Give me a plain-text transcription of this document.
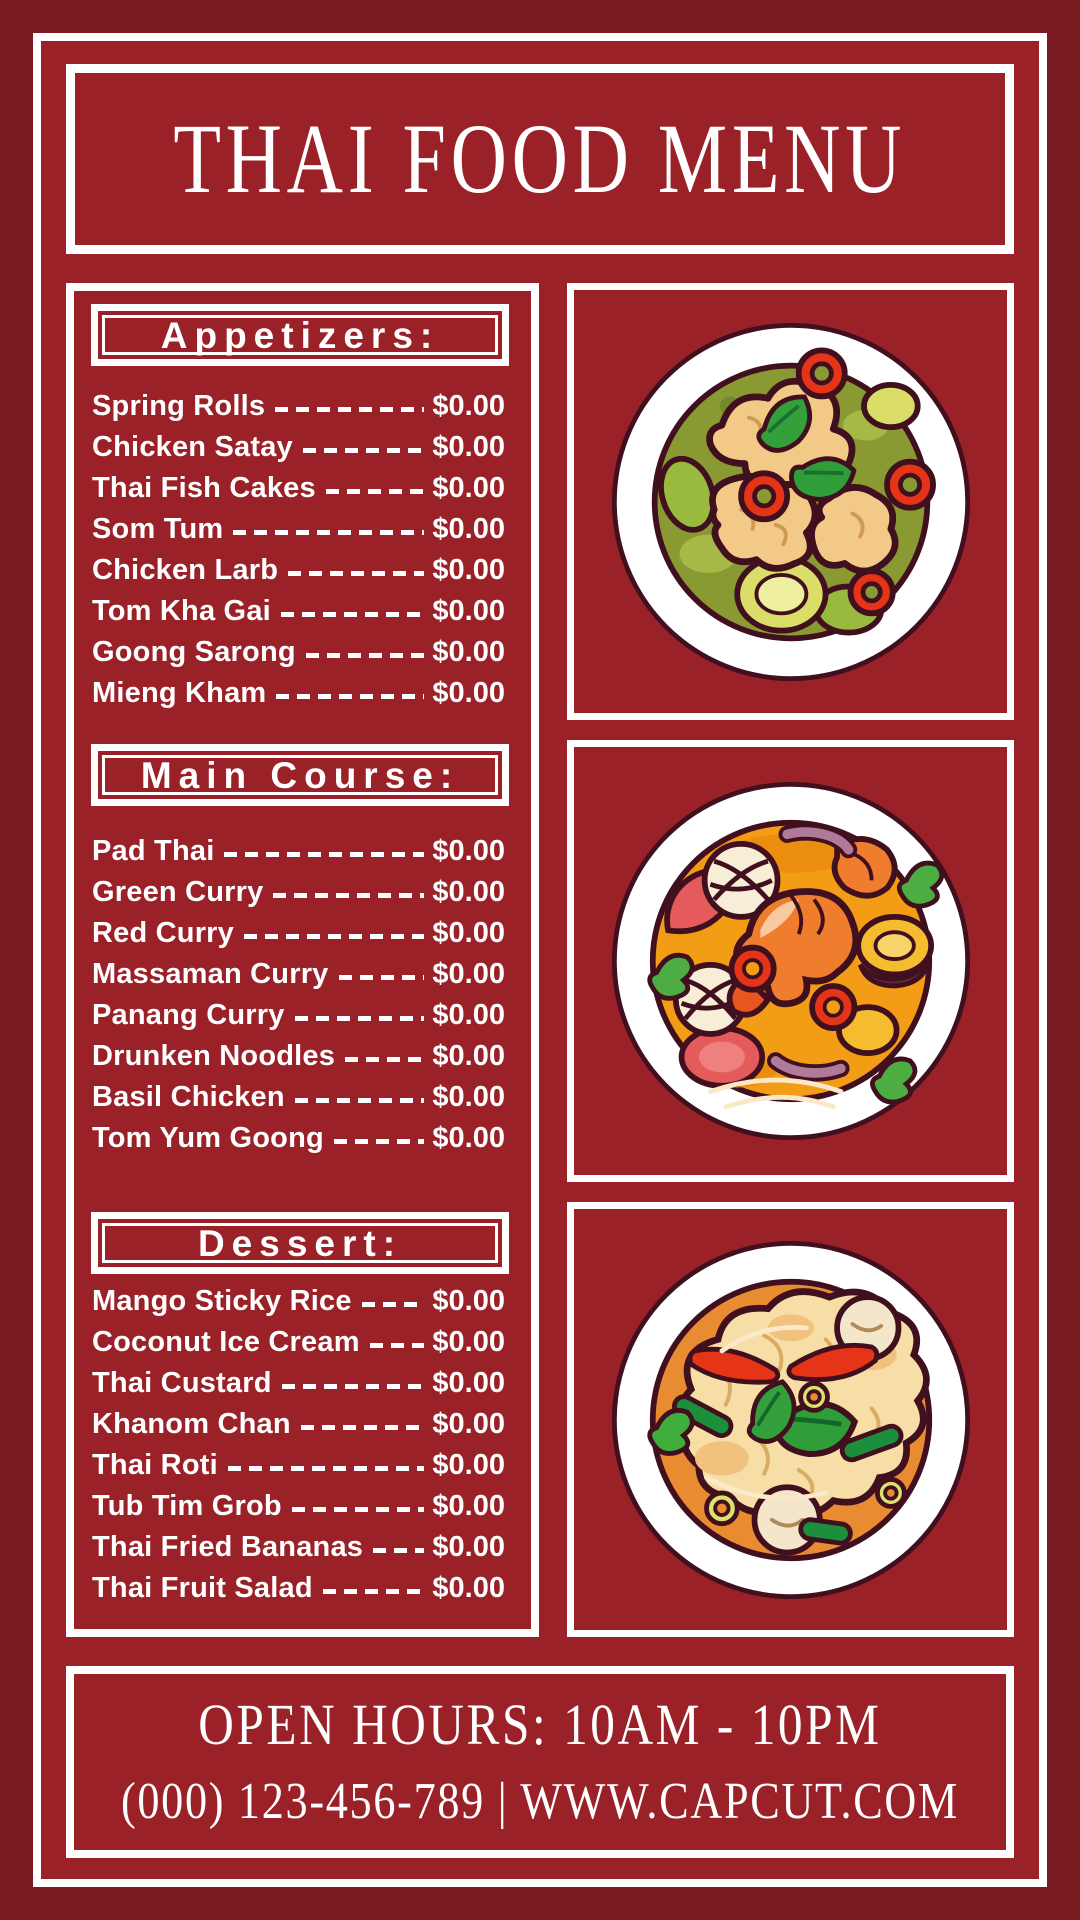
THAI FOOD MENU
Appetizers:
Spring Rolls	$0.00
Chicken Satay	$0.00
Thai Fish Cakes	$0.00
Som Tum	$0.00
Chicken Larb	$0.00
Tom Kha Gai	$0.00
Goong Sarong	$0.00
Mieng Kham	$0.00
Main Course:
Pad Thai	$0.00
Green Curry	$0.00
Red Curry	$0.00
Massaman Curry	$0.00
Panang Curry	$0.00
Drunken Noodles	$0.00
Basil Chicken	$0.00
Tom Yum Goong	$0.00
Dessert:
Mango Sticky Rice	$0.00
Coconut Ice Cream	$0.00
Thai Custard	$0.00
Khanom Chan	$0.00
Thai Roti	$0.00
Tub Tim Grob	$0.00
Thai Fried Bananas $0.00
Thai Fruit Salad	$0.00
OPEN HOURS: 10AM - 10PM
(000) 123-456-789 | WWW.CAPCUT.COM
